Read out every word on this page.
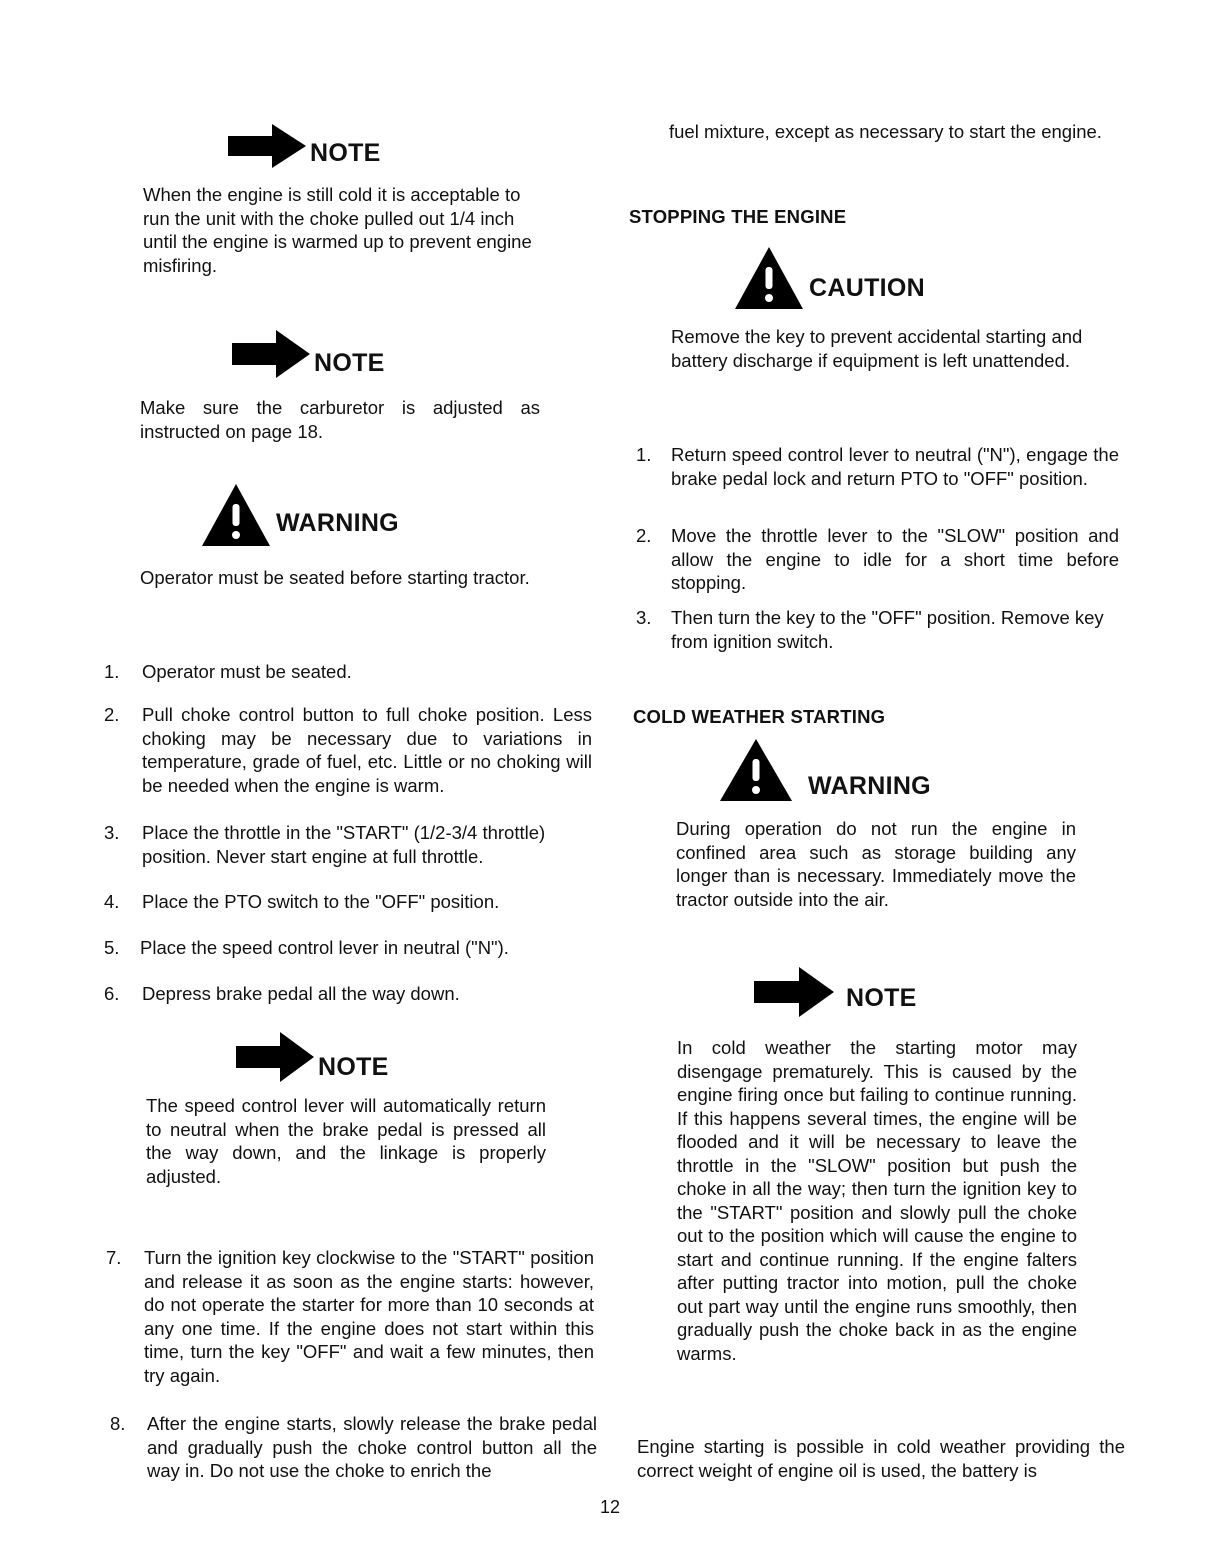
NOTE
When the engine is still cold it is acceptable to run the unit with the choke pulled out 1/4 inch until the engine is warmed up to prevent engine misfiring.
NOTE
Make sure the carburetor is adjusted as instructed on page 18.
WARNING
Operator must be seated before starting tractor.
1. Operator must be seated.
2. Pull choke control button to full choke position. Less choking may be necessary due to variations in temperature, grade of fuel, etc. Little or no choking will be needed when the engine is warm.
3. Place the throttle in the "START" (1/2-3/4 throttle) position. Never start engine at full throttle.
4. Place the PTO switch to the "OFF" position.
5. Place the speed control lever in neutral ("N").
6. Depress brake pedal all the way down.
NOTE
The speed control lever will automatically return to neutral when the brake pedal is pressed all the way down, and the linkage is properly adjusted.
7. Turn the ignition key clockwise to the "START" position and release it as soon as the engine starts: however, do not operate the starter for more than 10 seconds at any one time. If the engine does not start within this time, turn the key "OFF" and wait a few minutes, then try again.
8. After the engine starts, slowly release the brake pedal and gradually push the choke control button all the way in. Do not use the choke to enrich the
fuel mixture, except as necessary to start the engine.
STOPPING THE ENGINE
CAUTION
Remove the key to prevent accidental starting and battery discharge if equipment is left unattended.
1. Return speed control lever to neutral ("N"), engage the brake pedal lock and return PTO to "OFF" position.
2. Move the throttle lever to the "SLOW" position and allow the engine to idle for a short time before stopping.
3. Then turn the key to the "OFF" position. Remove key from ignition switch.
COLD WEATHER STARTING
WARNING
During operation do not run the engine in confined area such as storage building any longer than is necessary. Immediately move the tractor outside into the air.
NOTE
In cold weather the starting motor may disengage prematurely. This is caused by the engine firing once but failing to continue running. If this happens several times, the engine will be flooded and it will be necessary to leave the throttle in the "SLOW" position but push the choke in all the way; then turn the ignition key to the "START" position and slowly pull the choke out to the position which will cause the engine to start and continue running. If the engine falters after putting tractor into motion, pull the choke out part way until the engine runs smoothly, then gradually push the choke back in as the engine warms.
Engine starting is possible in cold weather providing the correct weight of engine oil is used, the battery is
12
